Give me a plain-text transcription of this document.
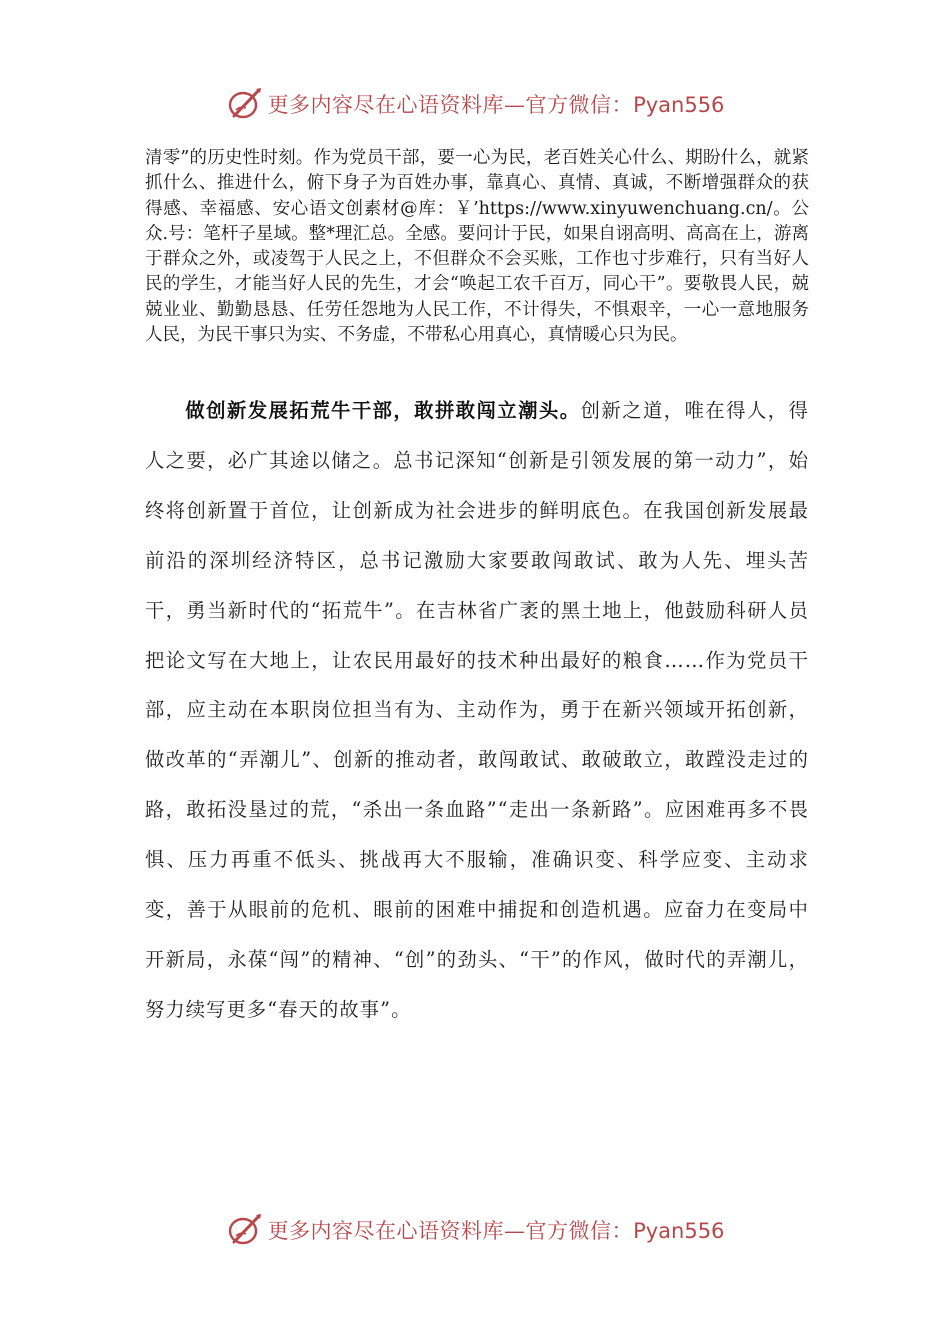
更多内容尽在心语资料库—官方微信：Pyan556

清零”的历史性时刻。作为党员干部，要一心为民，老百姓关心什么、期盼什么，就紧抓什么、推进什么，俯下身子为百姓办事，靠真心、真情、真诚，不断增强群众的获得感、幸福感、安心语文创素材@库：￥’https://www.xinyuwenchuang.cn/。公众.号：笔杆子星域。整*理汇总。全感。要问计于民，如果自诩高明、高高在上，游离于群众之外，或凌驾于人民之上，不但群众不会买账，工作也寸步难行，只有当好人民的学生，才能当好人民的先生，才会“唤起工农千百万，同心干”。要敬畏人民，兢兢业业、勤勤恳恳、任劳任怨地为人民工作，不计得失，不惧艰辛，一心一意地服务人民，为民干事只为实、不务虚，不带私心用真心，真情暖心只为民。

做创新发展拓荒牛干部，敢拼敢闯立潮头。创新之道，唯在得人，得人之要，必广其途以储之。总书记深知“创新是引领发展的第一动力”，始终将创新置于首位，让创新成为社会进步的鲜明底色。在我国创新发展最前沿的深圳经济特区，总书记激励大家要敢闯敢试、敢为人先、埋头苦干，勇当新时代的“拓荒牛”。在吉林省广袤的黑土地上，他鼓励科研人员把论文写在大地上，让农民用最好的技术种出最好的粮食……作为党员干部，应主动在本职岗位担当有为、主动作为，勇于在新兴领域开拓创新，做改革的“弄潮儿”、创新的推动者，敢闯敢试、敢破敢立，敢蹚没走过的路，敢拓没垦过的荒，“杀出一条血路”“走出一条新路”。应困难再多不畏惧、压力再重不低头、挑战再大不服输，准确识变、科学应变、主动求变，善于从眼前的危机、眼前的困难中捕捉和创造机遇。应奋力在变局中开新局，永葆“闯”的精神、“创”的劲头、“干”的作风，做时代的弄潮儿，努力续写更多“春天的故事”。

更多内容尽在心语资料库—官方微信：Pyan556
